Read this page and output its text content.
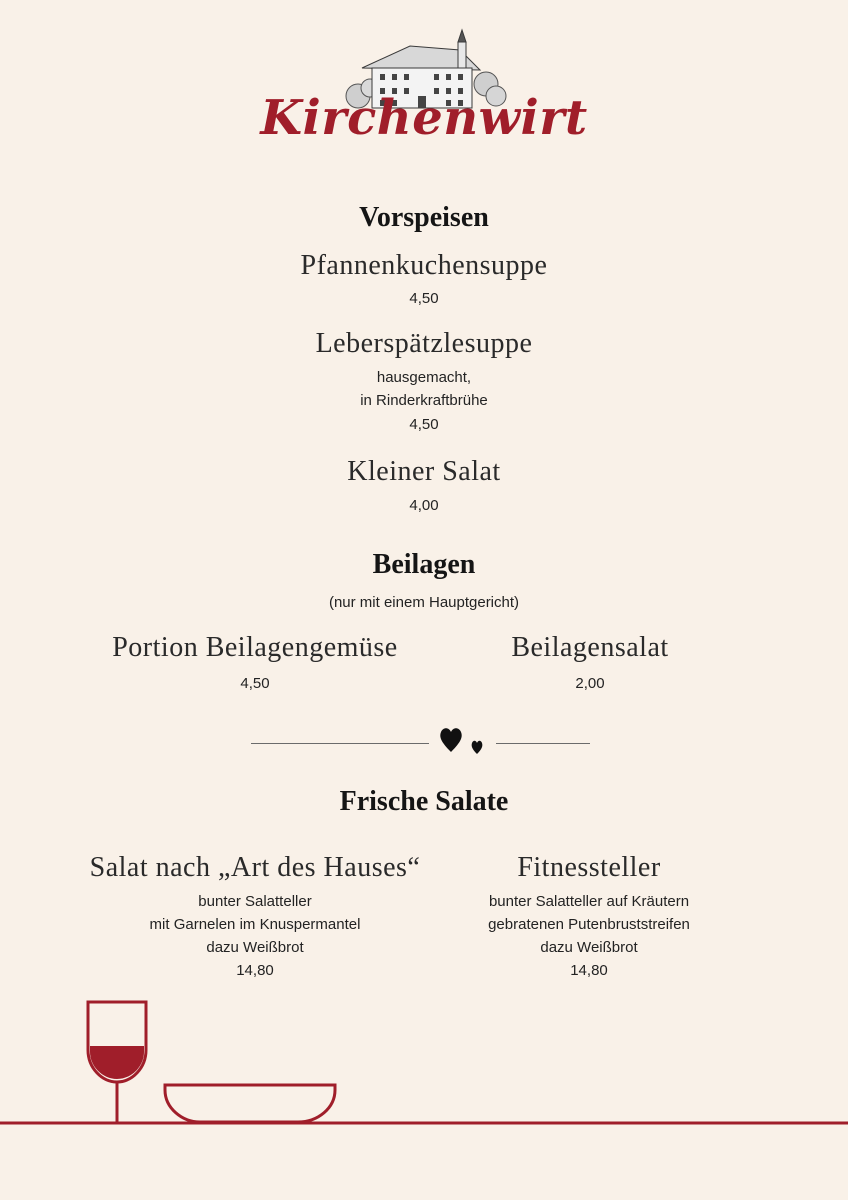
Kirchenwirt
Vorspeisen
Pfannenkuchensuppe
4,50
Leberspätzlesuppe
hausgemacht,
in Rinderkraftbrühe
4,50
Kleiner Salat
4,00
Beilagen
(nur mit einem Hauptgericht)
Portion Beilagengemüse
4,50
Beilagensalat
2,00
Frische Salate
Salat nach „Art des Hauses“
bunter Salatteller
mit Garnelen im Knuspermantel
dazu Weißbrot
14,80
Fitnessteller
bunter Salatteller auf Kräutern
gebratenen Putenbruststreifen
dazu Weißbrot
14,80
